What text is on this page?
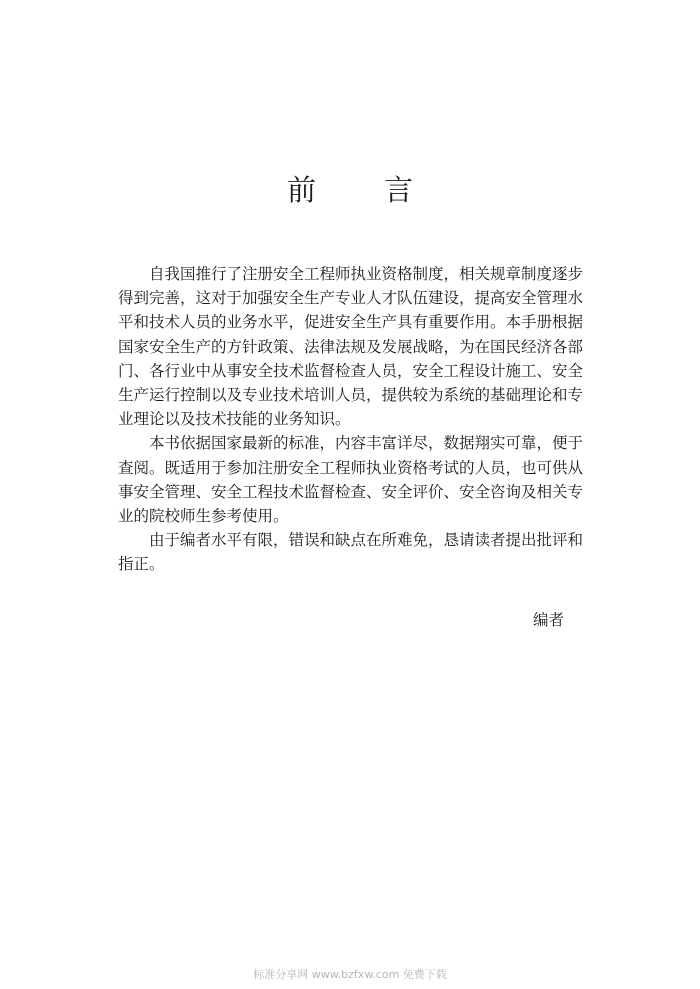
前 言

自我国推行了注册安全工程师执业资格制度，相关规章制度逐步得到完善，这对于加强安全生产专业人才队伍建设，提高安全管理水平和技术人员的业务水平，促进安全生产具有重要作用。本手册根据国家安全生产的方针政策、法律法规及发展战略，为在国民经济各部门、各行业中从事安全技术监督检查人员，安全工程设计施工、安全生产运行控制以及专业技术培训人员，提供较为系统的基础理论和专业理论以及技术技能的业务知识。

本书依据国家最新的标准，内容丰富详尽，数据翔实可靠，便于查阅。既适用于参加注册安全工程师执业资格考试的人员，也可供从事安全管理、安全工程技术监督检查、安全评价、安全咨询及相关专业的院校师生参考使用。

由于编者水平有限，错误和缺点在所难免，恳请读者提出批评和指正。

编者
标准分享网 www.bzfxw.com 免费下载
